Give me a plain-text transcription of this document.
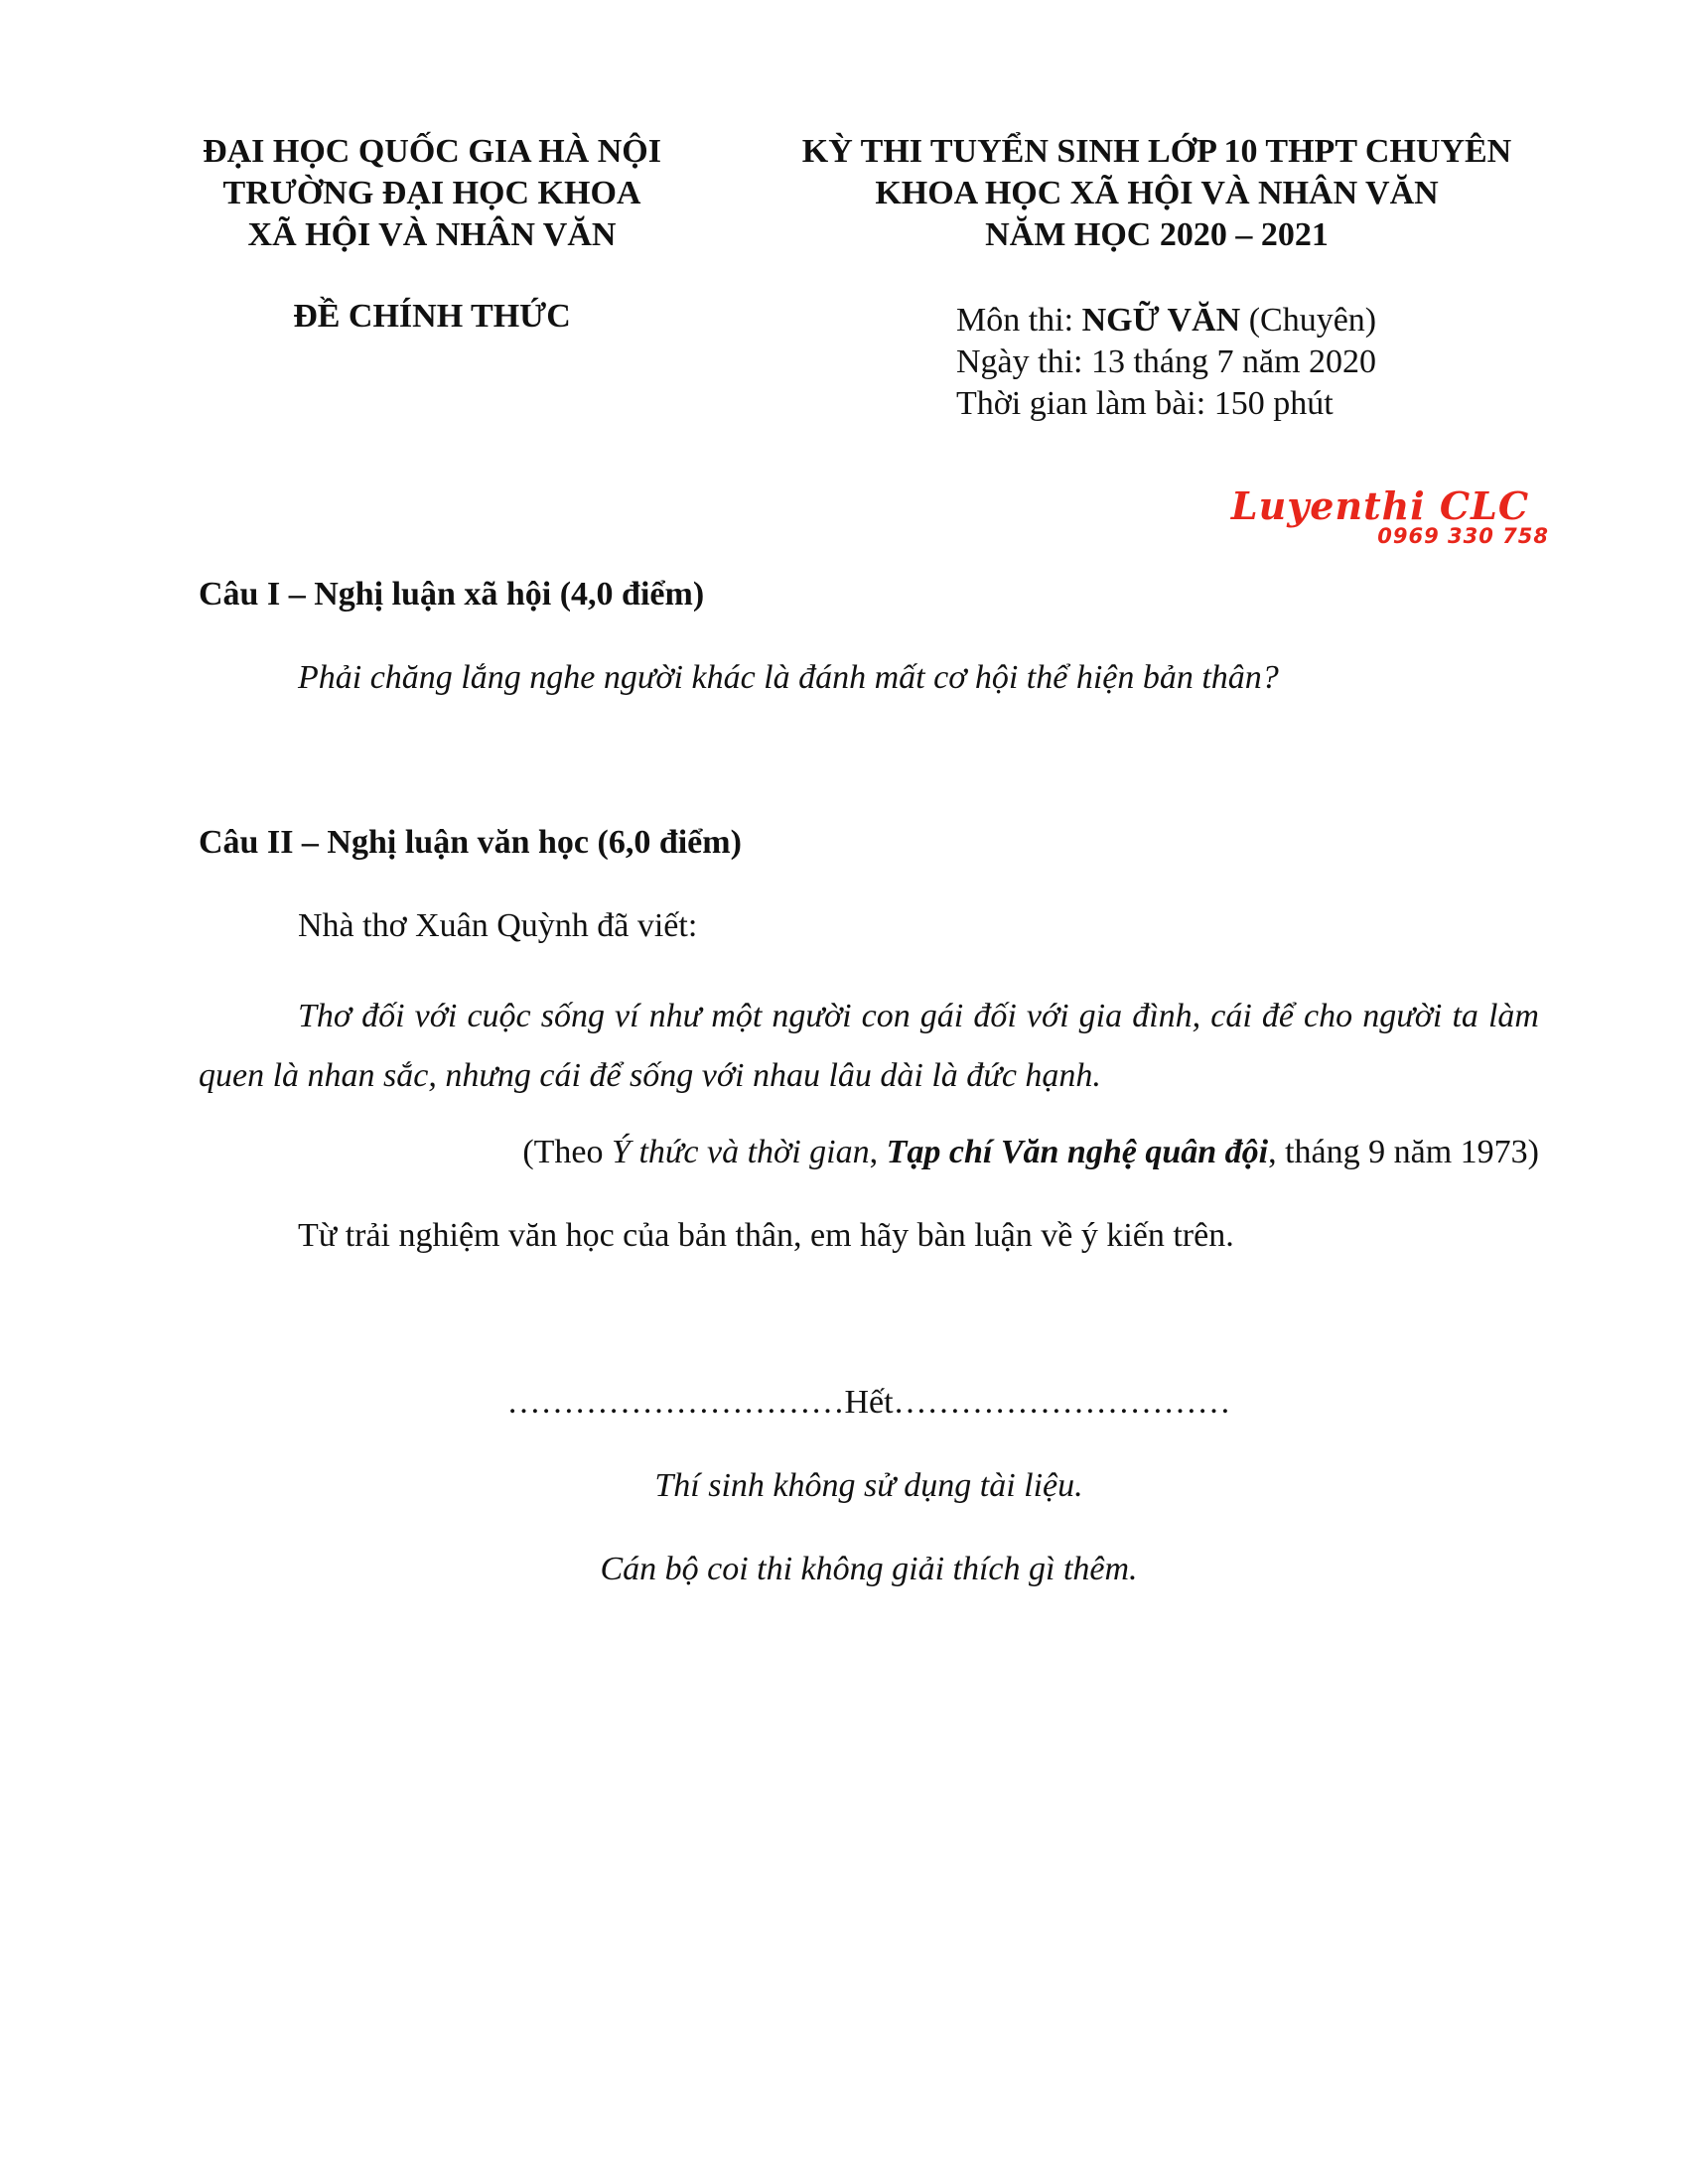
ĐẠI HỌC QUỐC GIA HÀ NỘI
TRƯỜNG ĐẠI HỌC KHOA
XÃ HỘI VÀ NHÂN VĂN
ĐỀ CHÍNH THỨC
KỲ THI TUYỂN SINH LỚP 10 THPT CHUYÊN
KHOA HỌC XÃ HỘI VÀ NHÂN VĂN
NĂM HỌC 2020 – 2021
Môn thi: NGỮ VĂN (Chuyên)
Ngày thi: 13 tháng 7 năm 2020
Thời gian làm bài: 150 phút
Luyenthi CLC
0969 330 758
Câu I – Nghị luận xã hội (4,0 điểm)
Phải chăng lắng nghe người khác là đánh mất cơ hội thể hiện bản thân?
Câu II – Nghị luận văn học (6,0 điểm)
Nhà thơ Xuân Quỳnh đã viết:
Thơ đối với cuộc sống ví như một người con gái đối với gia đình, cái để cho người ta làm quen là nhan sắc, nhưng cái để sống với nhau lâu dài là đức hạnh.
(Theo Ý thức và thời gian, Tạp chí Văn nghệ quân đội, tháng 9 năm 1973)
Từ trải nghiệm văn học của bản thân, em hãy bàn luận về ý kiến trên.
…………………………Hết…………………………
Thí sinh không sử dụng tài liệu.
Cán bộ coi thi không giải thích gì thêm.
